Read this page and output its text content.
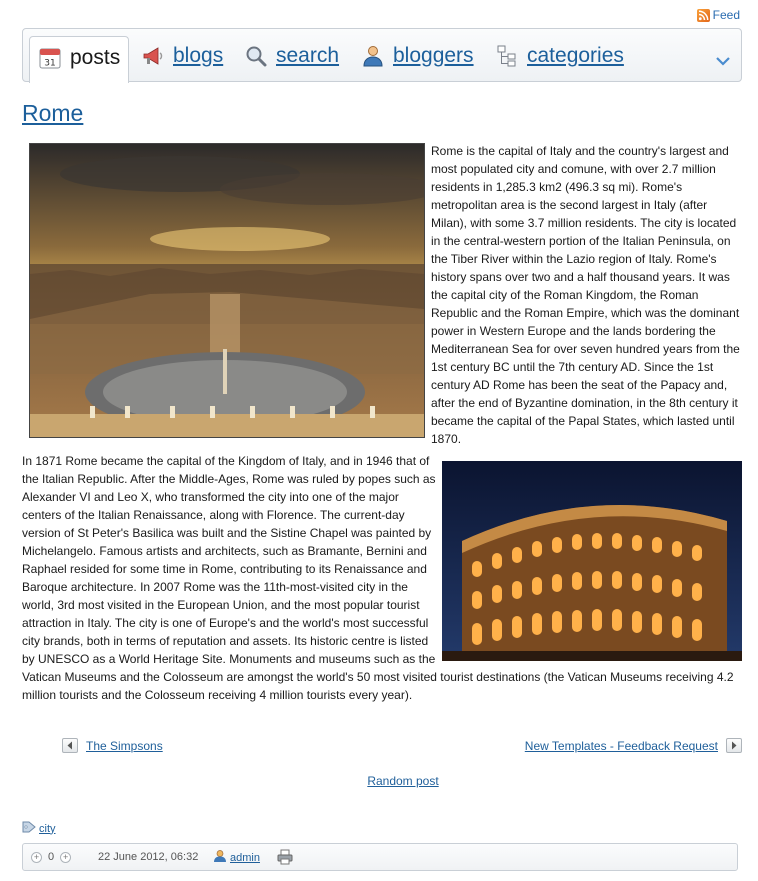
Feed
31 posts	blogs	search	bloggers	categories
Rome

Rome is the capital of Italy and the country's largest and most populated city and comune, with over 2.7 million residents in 1,285.3 km2 (496.3 sq mi). Rome's metropolitan area is the second largest in Italy (after Milan), with some 3.7 million residents. The city is located in the central-western portion of the Italian Peninsula, on the Tiber River within the Lazio region of Italy. Rome's history spans over two and a half thousand years. It was the capital city of the Roman Kingdom, the Roman Republic and the Roman Empire, which was the dominant power in Western Europe and the lands bordering the Mediterranean Sea for over seven hundred years from the 1st century BC until the 7th century AD. Since the 1st century AD Rome has been the seat of the Papacy and, after the end of Byzantine domination, in the 8th century it became the capital of the Papal States, which lasted until 1870.

In 1871 Rome became the capital of the Kingdom of Italy, and in 1946 that of the Italian Republic. After the Middle-Ages, Rome was ruled by popes such as Alexander VI and Leo X, who transformed the city into one of the major centers of the Italian Renaissance, along with Florence. The current-day version of St Peter's Basilica was built and the Sistine Chapel was painted by Michelangelo. Famous artists and architects, such as Bramante, Bernini and Raphael resided for some time in Rome, contributing to its Renaissance and Baroque architecture. In 2007 Rome was the 11th-most-visited city in the world, 3rd most visited in the European Union, and the most popular tourist attraction in Italy. The city is one of Europe's and the world's most successful city brands, both in terms of reputation and assets. Its historic centre is listed by UNESCO as a World Heritage Site. Monuments and museums such as the Vatican Museums and the Colosseum are amongst the world's 50 most visited tourist destinations (the Vatican Museums receiving 4.2 million tourists and the Colosseum receiving 4 million tourists every year).

The Simpsons	New Templates - Feedback Request
Random post
city
+ 0 +	22 June 2012, 06:32	admin
